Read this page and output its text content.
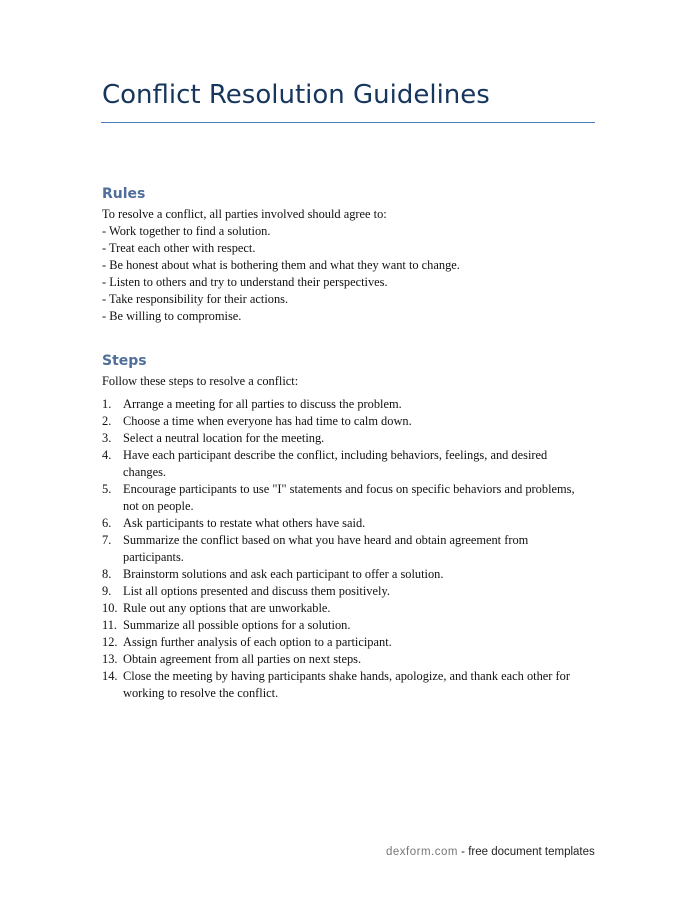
Conflict Resolution Guidelines
Rules
To resolve a conflict, all parties involved should agree to:
- Work together to find a solution.
- Treat each other with respect.
- Be honest about what is bothering them and what they want to change.
- Listen to others and try to understand their perspectives.
- Take responsibility for their actions.
- Be willing to compromise.
Steps
Follow these steps to resolve a conflict:
1. Arrange a meeting for all parties to discuss the problem.
2. Choose a time when everyone has had time to calm down.
3. Select a neutral location for the meeting.
4. Have each participant describe the conflict, including behaviors, feelings, and desired changes.
5. Encourage participants to use "I" statements and focus on specific behaviors and problems, not on people.
6. Ask participants to restate what others have said.
7. Summarize the conflict based on what you have heard and obtain agreement from participants.
8. Brainstorm solutions and ask each participant to offer a solution.
9. List all options presented and discuss them positively.
10. Rule out any options that are unworkable.
11. Summarize all possible options for a solution.
12. Assign further analysis of each option to a participant.
13. Obtain agreement from all parties on next steps.
14. Close the meeting by having participants shake hands, apologize, and thank each other for working to resolve the conflict.
dexform.com - free document templates
